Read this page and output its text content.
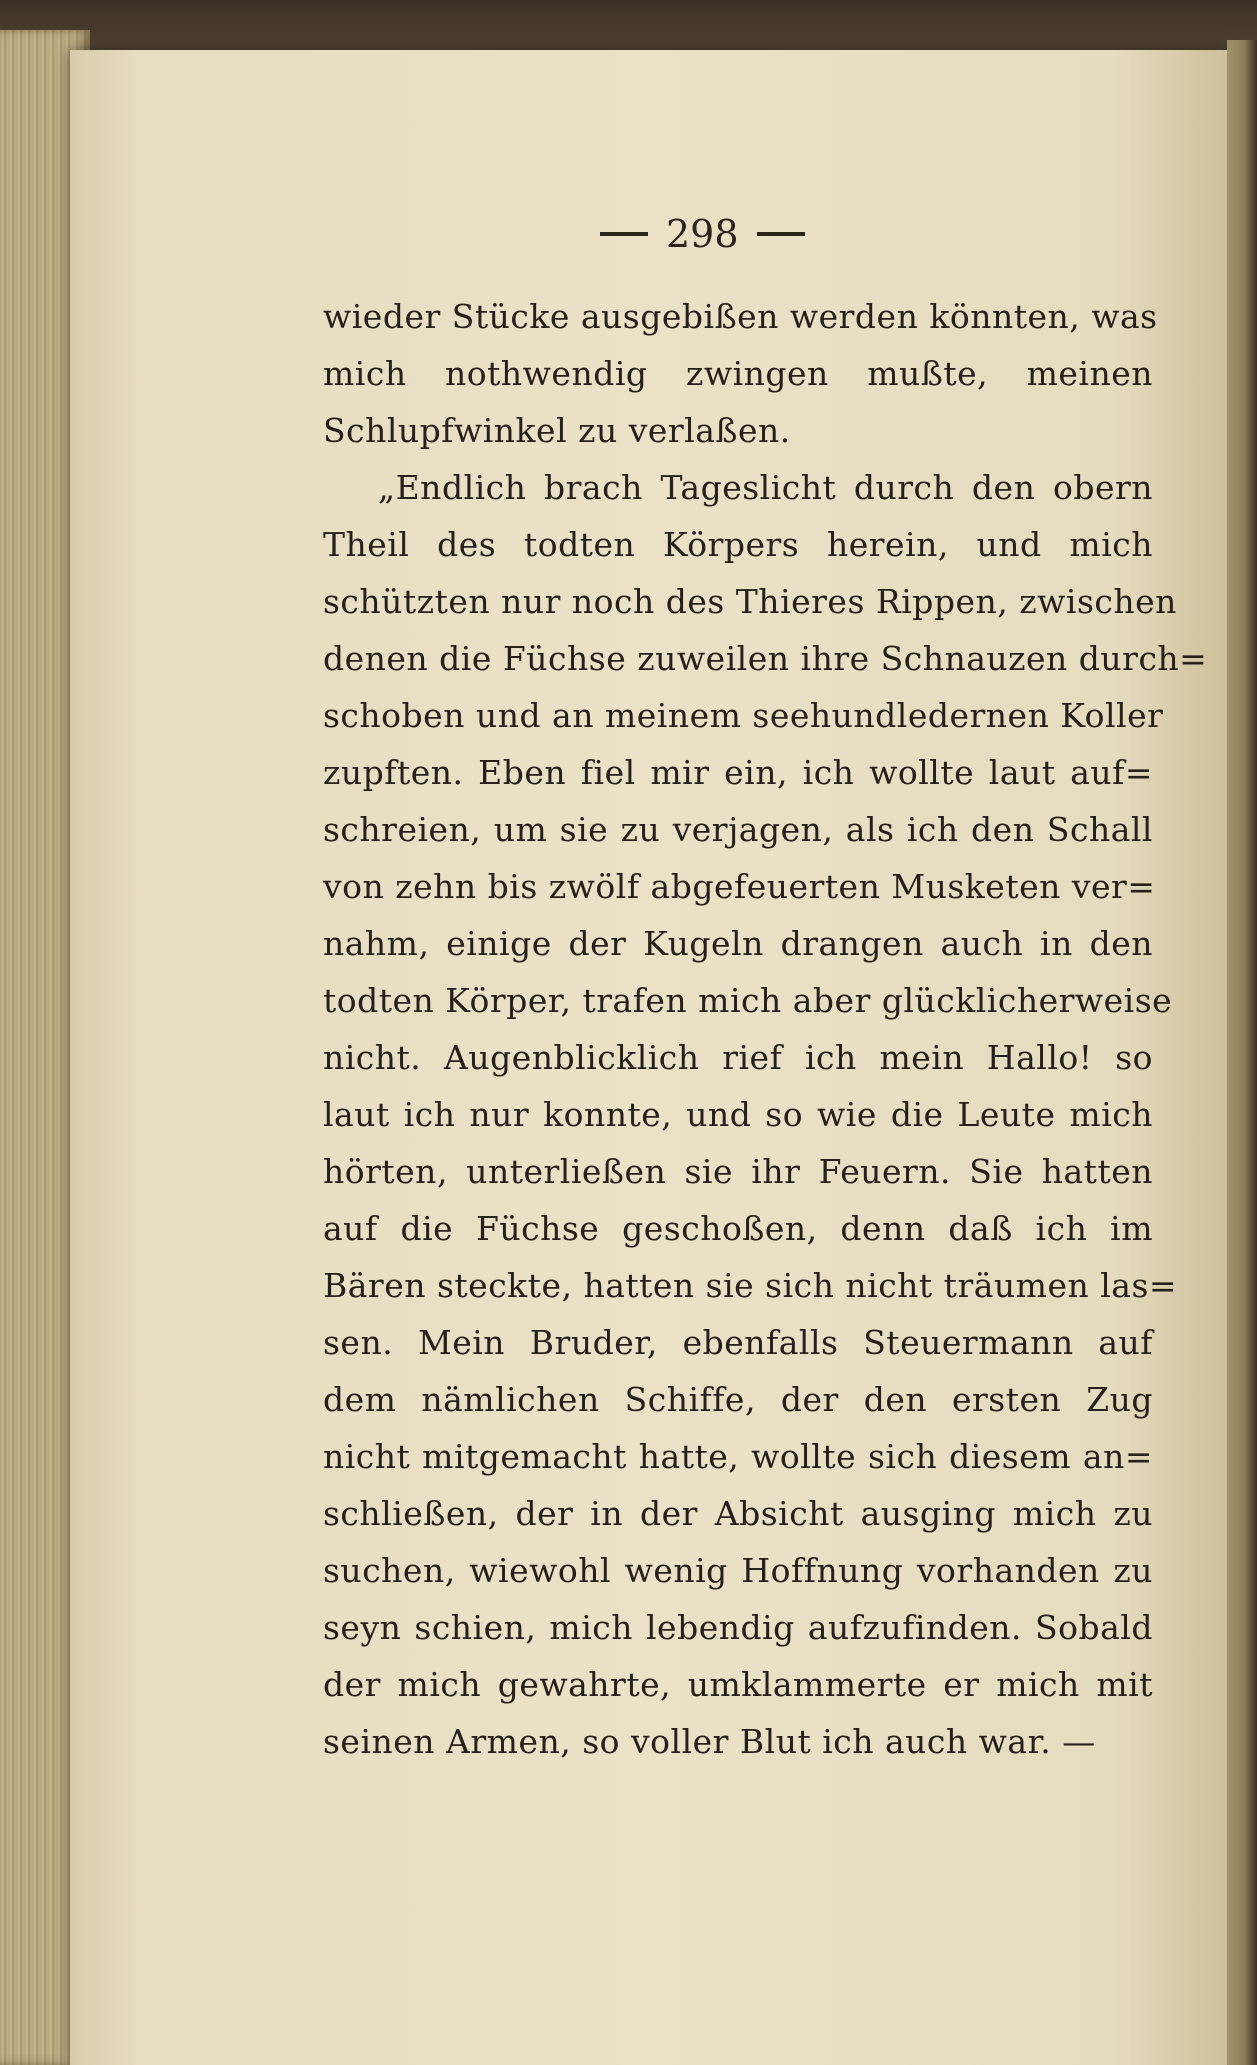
298
wieder Stücke ausgebißen werden könnten, was
mich nothwendig zwingen mußte, meinen
Schlupfwinkel zu verlaßen.
„Endlich brach Tageslicht durch den obern
Theil des todten Körpers herein, und mich
schützten nur noch des Thieres Rippen, zwischen
denen die Füchse zuweilen ihre Schnauzen durch=
schoben und an meinem seehundledernen Koller
zupften. Eben fiel mir ein, ich wollte laut auf=
schreien, um sie zu verjagen, als ich den Schall
von zehn bis zwölf abgefeuerten Musketen ver=
nahm, einige der Kugeln drangen auch in den
todten Körper, trafen mich aber glücklicherweise
nicht. Augenblicklich rief ich mein Hallo! so
laut ich nur konnte, und so wie die Leute mich
hörten, unterließen sie ihr Feuern. Sie hatten
auf die Füchse geschoßen, denn daß ich im
Bären steckte, hatten sie sich nicht träumen las=
sen. Mein Bruder, ebenfalls Steuermann auf
dem nämlichen Schiffe, der den ersten Zug
nicht mitgemacht hatte, wollte sich diesem an=
schließen, der in der Absicht ausging mich zu
suchen, wiewohl wenig Hoffnung vorhanden zu
seyn schien, mich lebendig aufzufinden. Sobald
der mich gewahrte, umklammerte er mich mit
seinen Armen, so voller Blut ich auch war. —
